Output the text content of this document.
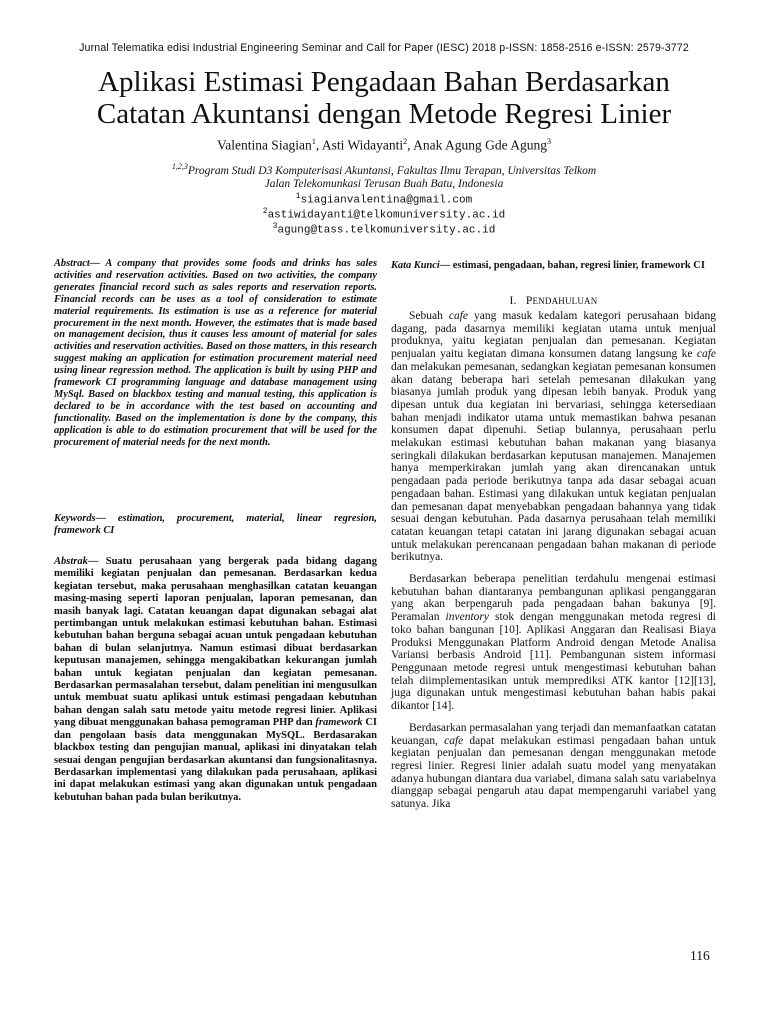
Jurnal Telematika edisi Industrial Engineering Seminar and Call for Paper (IESC) 2018 p-ISSN: 1858-2516 e-ISSN: 2579-3772
Aplikasi Estimasi Pengadaan Bahan Berdasarkan
Catatan Akuntansi dengan Metode Regresi Linier
Valentina Siagian$^1$, Asti Widayanti$^2$, Anak Agung Gde Agung$^3$
$^{1,2,3}$Program Studi D3 Komputerisasi Akuntansi, Fakultas Ilmu Terapan, Universitas Telkom
Jalan Telekomunkasi Terusan Buah Batu, Indonesia
$^1$siagianvalentina@gmail.com
$^2$astiwidayanti@telkomuniversity.ac.id
$^3$agung@tass.telkomuniversity.ac.id

Abstract— A company that provides some foods and drinks has sales activities and reservation activities. Based on two activities, the company generates financial record such as sales reports and reservation reports. Financial records can be uses as a tool of consideration to estimate material requirements. Its estimation is use as a reference for material procurement in the next month. However, the estimates that is made based on management decision, thus it causes less amount of material for sales activities and reservation activities. Based on those matters, in this research suggest making an application for estimation procurement material need using linear regression method. The application is built by using PHP and framework CI programming language and database management using MySql. Based on blackbox testing and manual testing, this application is declared to be in accordance with the test based on accounting and functionality. Based on the implementation is done by the company, this application is able to do estimation procurement that will be used for the procurement of material needs for the next month.

Keywords— estimation, procurement, material, linear regresion, framework CI

Abstrak— Suatu perusahaan yang bergerak pada bidang dagang memiliki kegiatan penjualan dan pemesanan. Berdasarkan kedua kegiatan tersebut, maka perusahaan menghasilkan catatan keuangan masing-masing seperti laporan penjualan, laporan pemesanan, dan masih banyak lagi. Catatan keuangan dapat digunakan sebagai alat pertimbangan untuk melakukan estimasi kebutuhan bahan. Estimasi kebutuhan bahan berguna sebagai acuan untuk pengadaan kebutuhan bahan di bulan selanjutnya. Namun estimasi dibuat berdasarkan keputusan manajemen, sehingga mengakibatkan kekurangan jumlah bahan untuk kegiatan penjualan dan kegiatan pemesanan. Berdasarkan permasalahan tersebut, dalam penelitian ini mengusulkan untuk membuat suatu aplikasi untuk estimasi pengadaan kebutuhan bahan dengan salah satu metode yaitu metode regresi linier. Aplikasi yang dibuat menggunakan bahasa pemograman PHP dan framework CI dan pengolaan basis data menggunakan MySQL. Berdasarakan blackbox testing dan pengujian manual, aplikasi ini dinyatakan telah sesuai dengan pengujian berdasarkan akuntansi dan fungsionalitasnya. Berdasarkan implementasi yang dilakukan pada perusahaan, aplikasi ini dapat melakukan estimasi yang akan digunakan untuk pengadaan kebutuhan bahan pada bulan berikutnya.

Kata Kunci— estimasi, pengadaan, bahan, regresi linier, framework CI

I. PENDAHULUAN

Sebuah cafe yang masuk kedalam kategori perusahaan bidang dagang, pada dasarnya memiliki kegiatan utama untuk menjual produknya, yaitu kegiatan penjualan dan pemesanan. Kegiatan penjualan yaitu kegiatan dimana konsumen datang langsung ke cafe dan melakukan pemesanan, sedangkan kegiatan pemesanan konsumen akan datang beberapa hari setelah pemesanan dilakukan yang biasanya jumlah produk yang dipesan lebih banyak. Produk yang dipesan untuk dua kegiatan ini bervariasi, sehingga ketersediaan bahan menjadi indikator utama untuk memastikan bahwa pesanan konsumen dapat dipenuhi. Setiap bulannya, perusahaan perlu melakukan estimasi kebutuhan bahan makanan yang biasanya seringkali dilakukan berdasarkan keputusan manajemen. Manajemen hanya memperkirakan jumlah yang akan direncanakan untuk pengadaan pada periode berikutnya tanpa ada dasar sebagai acuan pengadaan bahan. Estimasi yang dilakukan untuk kegiatan penjualan dan pemesanan dapat menyebabkan pengadaan bahannya yang tidak sesuai dengan kebutuhan. Pada dasarnya perusahaan telah memiliki catatan keuangan tetapi catatan ini jarang digunakan sebagai acuan untuk melakukan perencanaan pengadaan bahan makanan di periode berikutnya.

Berdasarkan beberapa penelitian terdahulu mengenai estimasi kebutuhan bahan diantaranya pembangunan aplikasi penganggaran yang akan berpengaruh pada pengadaan bahan bakunya [9]. Peramalan inventory stok dengan menggunakan metoda regresi di toko bahan bangunan [10]. Aplikasi Anggaran dan Realisasi Biaya Produksi Menggunakan Platform Android dengan Metode Analisa Variansi berbasis Android [11]. Pembangunan sistem informasi Penggunaan metode regresi untuk mengestimasi kebutuhan bahan telah diimplementasikan untuk memprediksi ATK kantor [12][13], juga digunakan untuk mengestimasi kebutuhan bahan habis pakai dikantor [14].

Berdasarkan permasalahan yang terjadi dan memanfaatkan catatan keuangan, cafe dapat melakukan estimasi pengadaan bahan untuk kegiatan penjualan dan pemesanan dengan menggunakan metode regresi linier. Regresi linier adalah suatu model yang menyatakan adanya hubungan diantara dua variabel, dimana salah satu variabelnya dianggap sebagai pengaruh atau dapat mempengaruhi variabel yang satunya. Jika

116
